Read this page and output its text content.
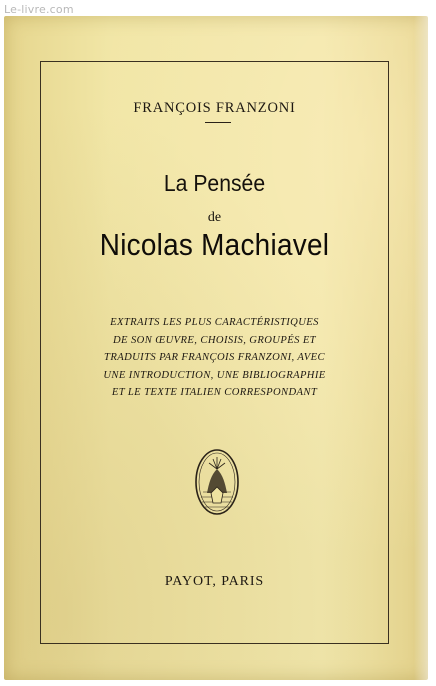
Le-livre.com
FRANÇOIS FRANZONI
La Pensée
de
Nicolas Machiavel
EXTRAITS LES PLUS CARACTÉRISTIQUES
DE SON ŒUVRE, CHOISIS, GROUPÉS ET
TRADUITS PAR FRANÇOIS FRANZONI, AVEC
UNE INTRODUCTION, UNE BIBLIOGRAPHIE
ET LE TEXTE ITALIEN CORRESPONDANT
PAYOT, PARIS
